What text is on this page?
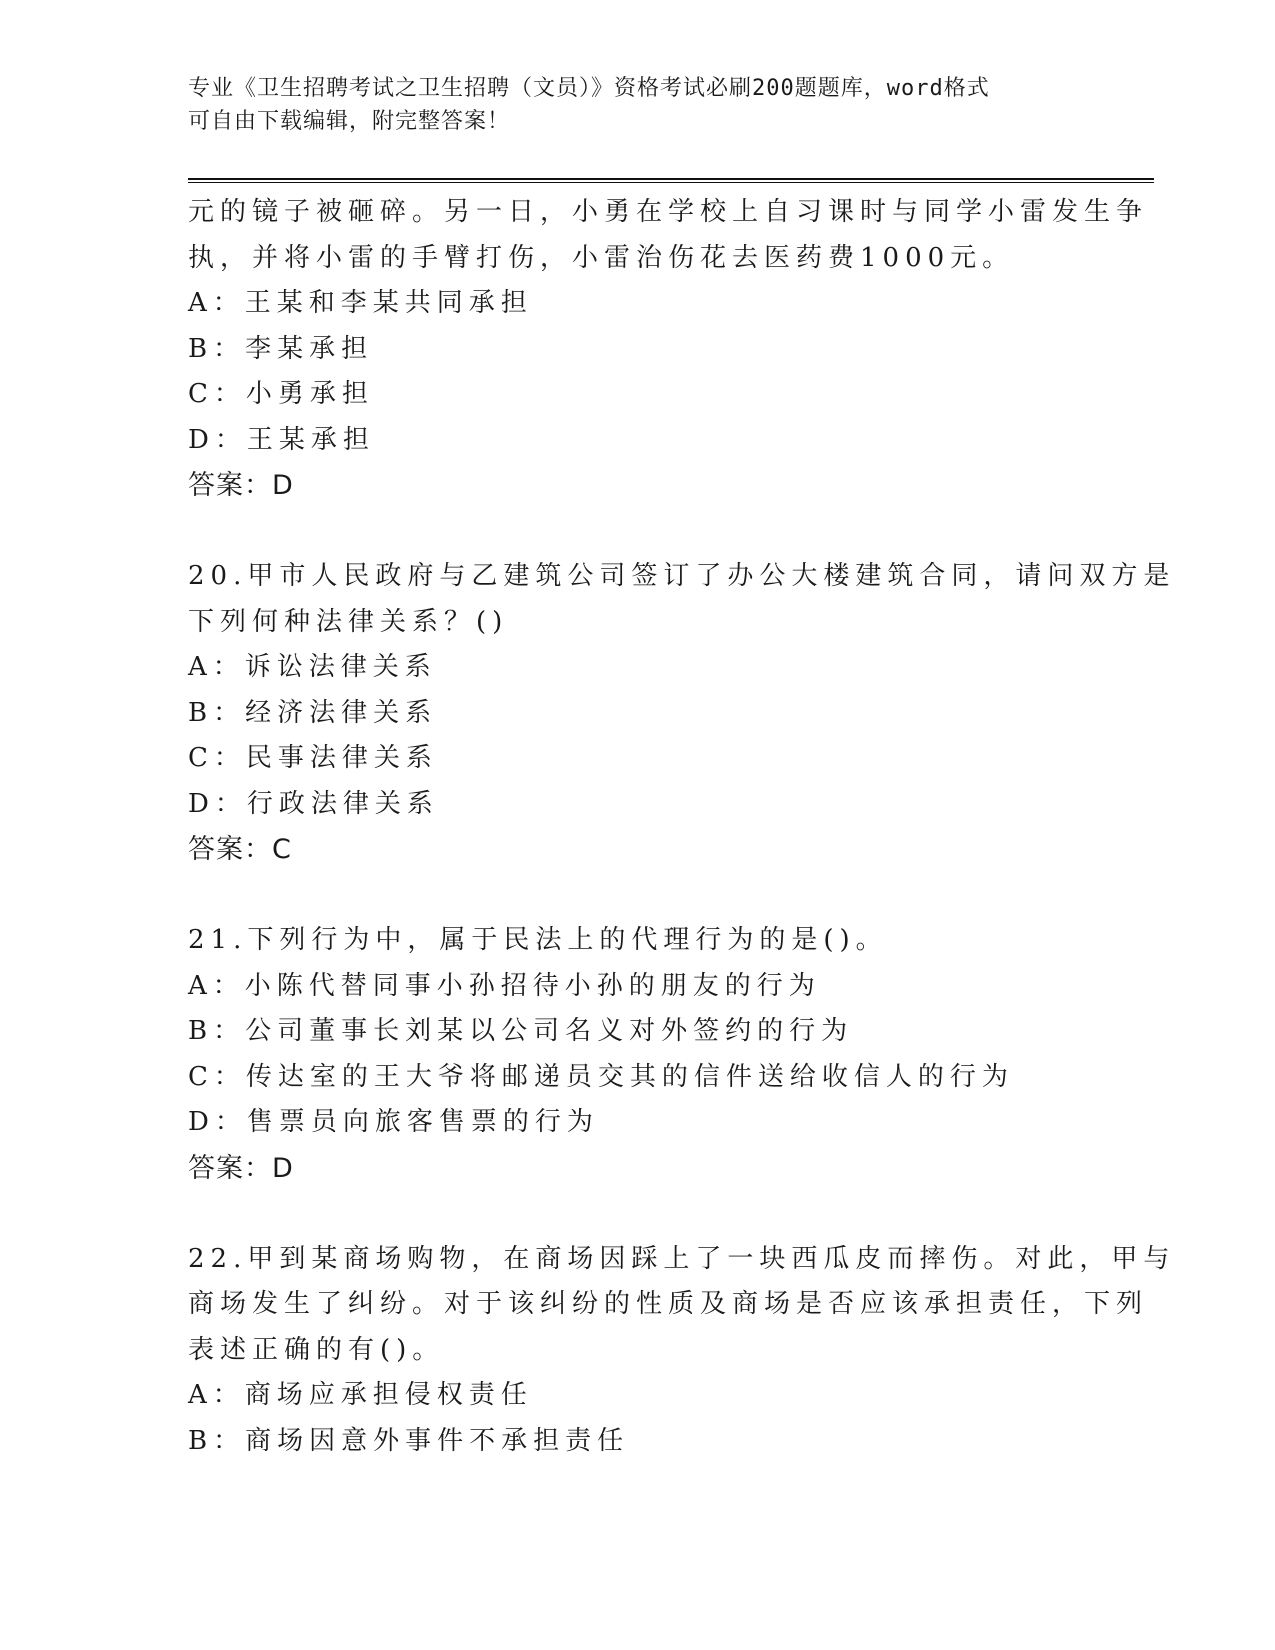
专业《卫生招聘考试之卫生招聘（文员）》资格考试必刷200题题库，word格式
可自由下载编辑，附完整答案！
元的镜子被砸碎。另一日，小勇在学校上自习课时与同学小雷发生争
执，并将小雷的手臂打伤，小雷治伤花去医药费1000元。
A：王某和李某共同承担
B：李某承担
C：小勇承担
D：王某承担
答案：D
20.甲市人民政府与乙建筑公司签订了办公大楼建筑合同，请问双方是
下列何种法律关系？()
A：诉讼法律关系
B：经济法律关系
C：民事法律关系
D：行政法律关系
答案：C
21.下列行为中，属于民法上的代理行为的是()。
A：小陈代替同事小孙招待小孙的朋友的行为
B：公司董事长刘某以公司名义对外签约的行为
C：传达室的王大爷将邮递员交其的信件送给收信人的行为
D：售票员向旅客售票的行为
答案：D
22.甲到某商场购物，在商场因踩上了一块西瓜皮而摔伤。对此，甲与
商场发生了纠纷。对于该纠纷的性质及商场是否应该承担责任，下列
表述正确的有()。
A：商场应承担侵权责任
B：商场因意外事件不承担责任
